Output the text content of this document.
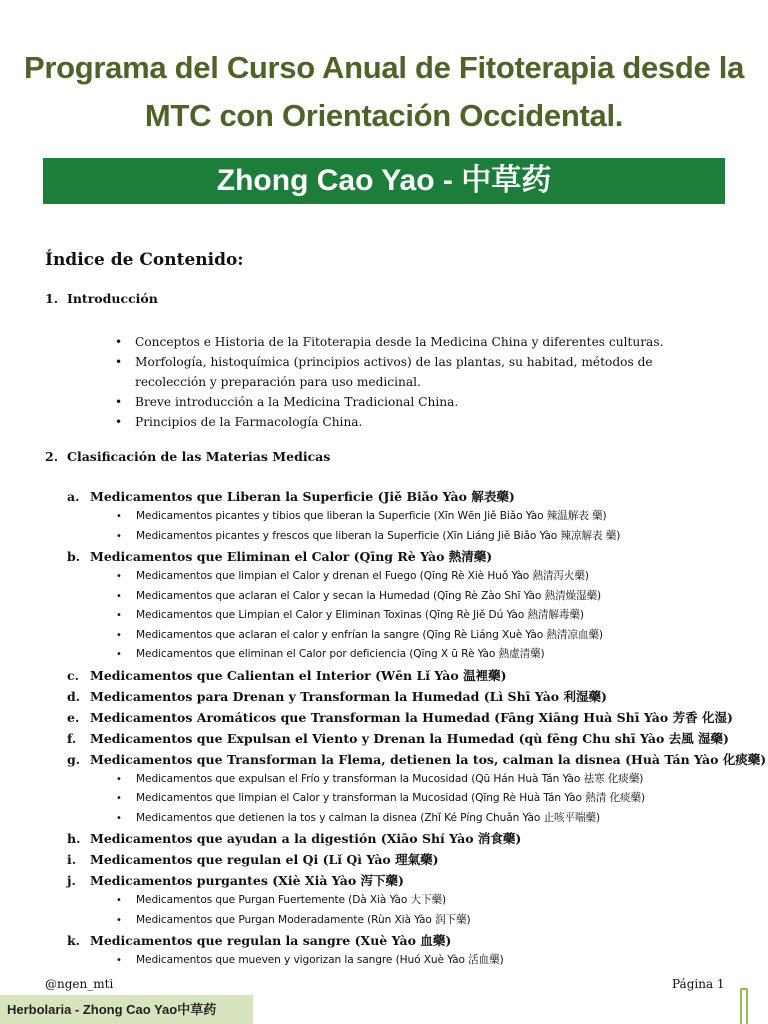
Programa del Curso Anual de Fitoterapia desde la
MTC con Orientación Occidental.
Zhong Cao Yao - 中草药
Índice de Contenido:
1. Introducción
• Conceptos e Historia de la Fitoterapia desde la Medicina China y diferentes culturas.
• Morfología, histoquímica (principios activos) de las plantas, su habitad, métodos de recolección y preparación para uso medicinal.
• Breve introducción a la Medicina Tradicional China.
• Principios de la Farmacología China.
2. Clasificación de las Materias Medicas
a. Medicamentos que Liberan la Superficie (Jiě Biǎo Yào 解表藥)
• Medicamentos picantes y tibios que liberan la Superficie (Xīn Wēn Jiě Biǎo Yào 辣温解表 藥)
• Medicamentos picantes y frescos que liberan la Superficie (Xīn Liáng Jiě Biǎo Yào 辣凉解表 藥)
b. Medicamentos que Eliminan el Calor (Qīng Rè Yào 熱清藥)
• Medicamentos que limpian el Calor y drenan el Fuego (Qīng Rè Xiè Huǒ Yào 熱清泻火藥)
• Medicamentos que aclaran el Calor y secan la Humedad (Qīng Rè Zào Shī Yào 熱清燥湿藥)
• Medicamentos que Limpian el Calor y Eliminan Toxinas (Qīng Rè Jiě Dú Yào 熱清解毒藥)
• Medicamentos que aclaran el calor y enfrían la sangre (Qīng Rè Liáng Xuè Yào 熱清凉血藥)
• Medicamentos que eliminan el Calor por deficiencia (Qīng X ū Rè Yào 熱虚清藥)
c. Medicamentos que Calientan el Interior (Wēn Lǐ Yào 温裡藥)
d. Medicamentos para Drenan y Transforman la Humedad (Lì Shī Yào 利湿藥)
e. Medicamentos Aromáticos que Transforman la Humedad (Fāng Xiāng Huà Shī Yào 芳香 化湿)
f. Medicamentos que Expulsan el Viento y Drenan la Humedad (qù fēng Chu shī Yào 去風 湿藥)
g. Medicamentos que Transforman la Flema, detienen la tos, calman la disnea (Huà Tán Yào 化痰藥)
• Medicamentos que expulsan el Frío y transforman la Mucosidad (Qū Hán Huà Tán Yào 祛寒 化痰藥)
• Medicamentos que limpian el Calor y transforman la Mucosidad (Qīng Rè Huà Tán Yào 熱清 化痰藥)
• Medicamentos que detienen la tos y calman la disnea (Zhǐ Ké Píng Chuǎn Yào 止咳平喘藥)
h. Medicamentos que ayudan a la digestión (Xiāo Shí Yào 消食藥)
i. Medicamentos que regulan el Qi (Lǐ Qì Yào 理氣藥)
j. Medicamentos purgantes (Xiè Xià Yào 泻下藥)
• Medicamentos que Purgan Fuertemente (Dà Xià Yào 大下藥)
• Medicamentos que Purgan Moderadamente (Rùn Xià Yào 润下藥)
k. Medicamentos que regulan la sangre (Xuè Yào 血藥)
• Medicamentos que mueven y vigorizan la sangre (Huó Xuè Yào 活血藥)
@ngen_mti	Página 1
Herbolaria - Zhong Cao Yao中草药
